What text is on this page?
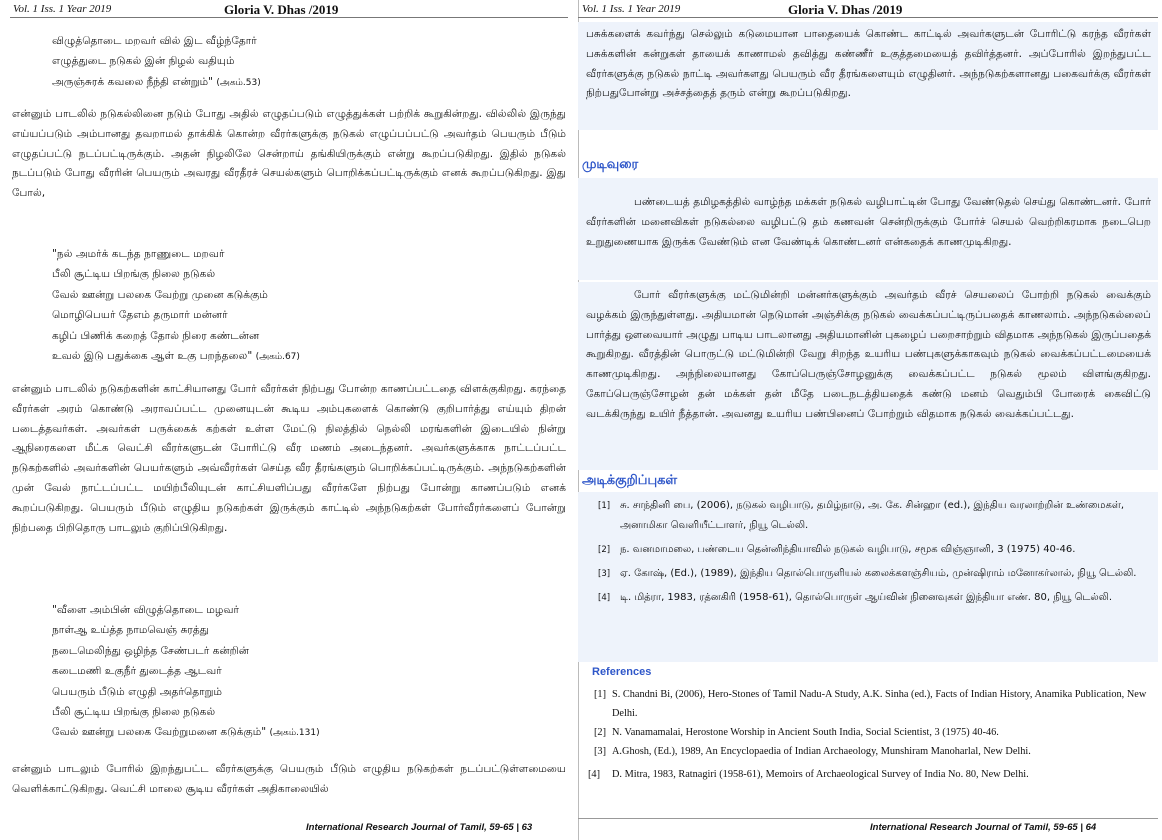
Vol. 1 Iss. 1 Year 2019	Gloria V. Dhas /2019
விழுத்தொடை மறவர் வில் இட வீழ்ந்தோர்
எழுத்துடை நடுகல் இன் நிழல் வதியும்
அருஞ்சுரக் கவலை நீந்தி என்றும்" (அகம்.53)

என்னும் பாடலில் நடுகல்லினை நடும் போது அதில் எழுதப்படும் எழுத்துக்கள் பற்றிக் கூறுகின்றது. வில்லில் இருந்து எய்யப்படும் அம்பானது தவறாமல் தாக்கிக் கொன்ற வீரர்களுக்கு நடுகல் எழுப்பப்பட்டு அவர்தம் பெயரும் பீடும் எழுதப்பட்டு நடப்பட்டிருக்கும். அதன் நிழலிலே சென்றாய் தங்கியிருக்கும் என்று கூறப்படுகிறது. இதில் நடுகல் நடப்படும் போது வீரரின் பெயரும் அவரது வீரதீரச் செயல்களும் பொறிக்கப்பட்டிருக்கும் எனக் கூறப்படுகிறது. இது போல்,

"நல் அமர்க் கடந்த நாணுடை மறவர்
பீலி சூட்டிய பிறங்கு நிலை நடுகல்
வேல் ஊன்று பலகை வேற்று முனை கடுக்கும்
மொழிபெயர் தேஎம் தருமார் மன்னர்
கழிப் பிணிக் கறைத் தோல் நிரை கண்டன்ன
உவல் இடு பதுக்கை ஆள் உகு பறந்தலை" (அகம்.67)

என்னும் பாடலில் நடுகற்களின் காட்சியானது போர் வீரர்கள் நிற்பது போன்ற காணப்பட்டதை விளக்குகிறது. கரந்தை வீரர்கள் அரம் கொண்டு அராவப்பட்ட முனையுடன் கூடிய அம்புகளைக் கொண்டு குறிபார்த்து எய்யும் திறன் படைத்தவர்கள். அவர்கள் பருக்கைக் கற்கள் உள்ள மேட்டு நிலத்தில் நெல்லி மரங்களின் இடையில் நின்று ஆநிரைகளை மீட்க வெட்சி வீரர்களுடன் போரிட்டு வீர மணம் அடைந்தனர். அவர்களுக்காக நாட்டப்பட்ட நடுகற்களில் அவர்களின் பெயர்களும் அவ்வீரர்கள் செய்த வீர தீரங்களும் பொறிக்கப்பட்டிருக்கும். அந்நடுகற்களின் முன் வேல் நாட்டப்பட்ட மயிற்பீலியுடன் காட்சியளிப்பது வீரர்களே நிற்பது போன்று காணப்படும் எனக் கூறப்படுகிறது. பெயரும் பீடும் எழுதிய நடுகற்கள் இருக்கும் காட்டில் அந்நடுகற்கள் போர்வீரர்களைப் போன்று நிற்பதை பிறிதொரு பாடலும் குறிப்பிடுகிறது.

"வீளை அம்பின் விழுத்தொடை மழவர்
நாள்ஆ உய்த்த நாமவெஞ் சுரத்து
நடைமெலிந்து ஒழிந்த சேண்படர் கன்றின்
கடைமணி உகுநீர் துடைத்த ஆடவர்
பெயரும் பீடும் எழுதி அதர்தொறும்
பீலி சூட்டிய பிறங்கு நிலை நடுகல்
வேல் ஊன்று பலகை வேற்றுமனை கடுக்கும்" (அகம்.131)

என்னும் பாடலும் போரில் இறந்துபட்ட வீரர்களுக்கு பெயரும் பீடும் எழுதிய நடுகற்கள் நடப்பட்டுள்ளமையை வெளிக்காட்டுகிறது. வெட்சி மாலை சூடிய வீரர்கள் அதிகாலையில்

International Research Journal of Tamil, 59-65 | 63
Vol. 1 Iss. 1 Year 2019	Gloria V. Dhas /2019

பசுக்களைக் கவர்ந்து செல்லும் கடுமையான பாதையைக் கொண்ட காட்டில் அவர்களுடன் போரிட்டு கரந்த வீரர்கள் பசுக்களின் கன்றுகள் தாயைக் காணாமல் தவித்து கண்ணீர் உகுத்தமையைத் தவிர்த்தனர். அப்போரில் இறந்துபட்ட வீரர்களுக்கு நடுகல் நாட்டி அவர்களது பெயரும் வீர தீரங்களையும் எழுதினர். அந்நடுகற்களானது பகைவர்க்கு வீரர்கள் நிற்பதுபோன்று அச்சத்தைத் தரும் என்று கூறப்படுகிறது.

முடிவுரை

பண்டையத் தமிழகத்தில் வாழ்ந்த மக்கள் நடுகல் வழிபாட்டின் போது வேண்டுதல் செய்து கொண்டனர். போர் வீரர்களின் மனைவிகள் நடுகல்லை வழிபட்டு தம் கணவன் சென்றிருக்கும் போர்ச் செயல் வெற்றிகரமாக நடைபெற உறுதுணையாக இருக்க வேண்டும் என வேண்டிக் கொண்டனர் என்கதைக் காணமுடிகிறது.

போர் வீரர்களுக்கு மட்டுமின்றி மன்னர்களுக்கும் அவர்தம் வீரச் செயலைப் போற்றி நடுகல் வைக்கும் வழக்கம் இருந்துள்ளது. அதியமான் நெடுமான் அஞ்சிக்கு நடுகல் வைக்கப்பட்டிருப்பதைக் காணலாம். அந்நடுகல்லைப் பார்த்து ஔவையார் அழுது பாடிய பாடலானது அதியமானின் புகழைப் பறைசாற்றும் விதமாக அந்நடுகல் இருப்பதைக் கூறுகிறது. வீரத்தின் பொருட்டு மட்டுமின்றி வேறு சிறந்த உயரிய பண்புகளுக்காகவும் நடுகல் வைக்கப்பட்டமையைக் காணமுடிகிறது. அந்நிலையானது கோப்பெருஞ்சோழனுக்கு வைக்கப்பட்ட நடுகல் மூலம் விளங்குகிறது. கோப்பெருஞ்சோழன் தன் மக்கள் தன் மீதே படைநடத்தியதைக் கண்டு மனம் வெதும்பி போரைக் கைவிட்டு வடக்கிருந்து உயிர் நீத்தான். அவனது உயரிய பண்பினைப் போற்றும் விதமாக நடுகல் வைக்கப்பட்டது.

அடிக்குறிப்புகள்
[1] சு. சாந்தினி பை, (2006), நடுகல் வழிபாடு, தமிழ்நாடு, அ. கே. சின்ஹா (ed.), இந்திய வரலாற்றின் உண்மைகள், அனாமிகா வெளியீட்டாளர், நியூ டெல்லி.
[2] ந. வனமாமலை, பண்டைய தென்னிந்தியாவில் நடுகல் வழிபாடு, சமூக விஞ்ஞானி, 3 (1975) 40-46.
[3] ஏ. கோஷ், (Ed.), (1989), இந்திய தொல்பொருளியல் கலைக்களஞ்சியம், முன்ஷிராம் மனோகர்லால், நியூ டெல்லி.
[4] டி. மித்ரா, 1983, ரத்னகிரி (1958-61), தொல்பொருள் ஆய்வின் நினைவுகள் இந்தியா எண். 80, நியூ டெல்லி.
References
[1] S. Chandni Bi, (2006), Hero-Stones of Tamil Nadu-A Study, A.K. Sinha (ed.), Facts of Indian History, Anamika Publication, New Delhi.
[2] N. Vanamamalai, Herostone Worship in Ancient South India, Social Scientist, 3 (1975) 40-46.
[3] A.Ghosh, (Ed.), 1989, An Encyclopaedia of Indian Archaeology, Munshiram Manoharlal, New Delhi.
[4] D. Mitra, 1983, Ratnagiri (1958-61), Memoirs of Archaeological Survey of India No. 80, New Delhi.
International Research Journal of Tamil, 59-65 | 64
